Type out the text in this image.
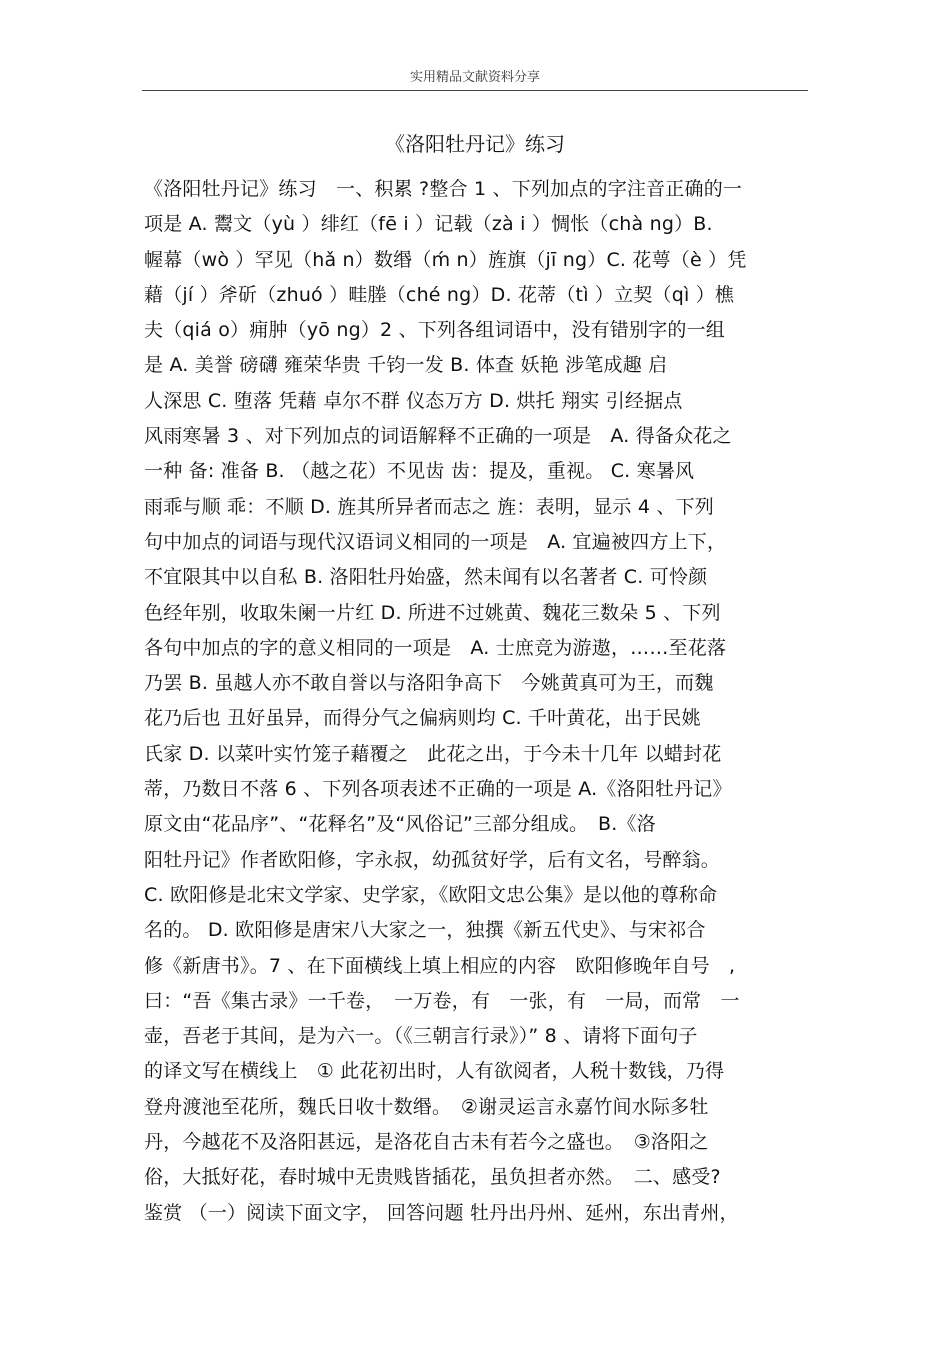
实用精品文献资料分享
《洛阳牡丹记》练习
《洛阳牡丹记》练习　一、积累 ?整合 1 、下列加点的字注音正确的一
项是 A. 鬻文（yù ）绯红（fē i ）记载（zà i ）惆怅（chà ng）B.
幄幕（wò ）罕见（hǎ n）数缗（ḿ n）旌旗（jī ng）C. 花萼（è ）凭
藉（jí ）斧斫（zhuó ）畦塍（ché ng）D. 花蒂（tì ）立契（qì ）樵
夫（qiá o）痈肿（yō ng）2 、下列各组词语中，没有错别字的一组
是 A. 美誉 磅礴 雍荣华贵 千钧一发 B. 体查 妖艳 涉笔成趣 启
人深思 C. 堕落 凭藉 卓尔不群 仪态万方 D. 烘托 翔实 引经据点
风雨寒暑 3 、对下列加点的词语解释不正确的一项是　A. 得备众花之
一种 备: 准备 B. （越之花）不见齿 齿：提及，重视。 C. 寒暑风
雨乖与顺 乖：不顺 D. 旌其所异者而志之 旌：表明，显示 4 、下列
句中加点的词语与现代汉语词义相同的一项是　A. 宜遍被四方上下，
不宜限其中以自私 B. 洛阳牡丹始盛，然未闻有以名著者 C. 可怜颜
色经年别，收取朱阑一片红 D. 所进不过姚黄、魏花三数朵 5 、下列
各句中加点的字的意义相同的一项是　A. 士庶竞为游遨，……至花落
乃罢 B. 虽越人亦不敢自誉以与洛阳争高下　今姚黄真可为王，而魏
花乃后也 丑好虽异，而得分气之偏病则均 C. 千叶黄花，出于民姚
氏家 D. 以菜叶实竹笼子藉覆之　此花之出，于今未十几年 以蜡封花
蒂，乃数日不落 6 、下列各项表述不正确的一项是 A.《洛阳牡丹记》
原文由“花品序”、“花释名”及“风俗记”三部分组成。　B.《洛
阳牡丹记》作者欧阳修，字永叔，幼孤贫好学，后有文名，号醉翁。
C. 欧阳修是北宋文学家、史学家，《欧阳文忠公集》是以他的尊称命
名的。 D. 欧阳修是唐宋八大家之一，独撰《新五代史》、与宋祁合
修《新唐书》。7 、在下面横线上填上相应的内容　欧阳修晚年自号　,
曰：“吾《集古录》一千卷，　一万卷，有　一张，有　一局，而常　一
壶，吾老于其间，是为六一。（《三朝言行录》）” 8 、请将下面句子
的译文写在横线上　① 此花初出时，人有欲阅者，人税十数钱，乃得
登舟渡池至花所，魏氏日收十数缗。　②谢灵运言永嘉竹间水际多牡
丹，今越花不及洛阳甚远，是洛花自古未有若今之盛也。　③洛阳之
俗，大抵好花，春时城中无贵贱皆插花，虽负担者亦然。　二、感受?
鉴赏 （一）阅读下面文字， 回答问题 牡丹出丹州、延州，东出青州，
